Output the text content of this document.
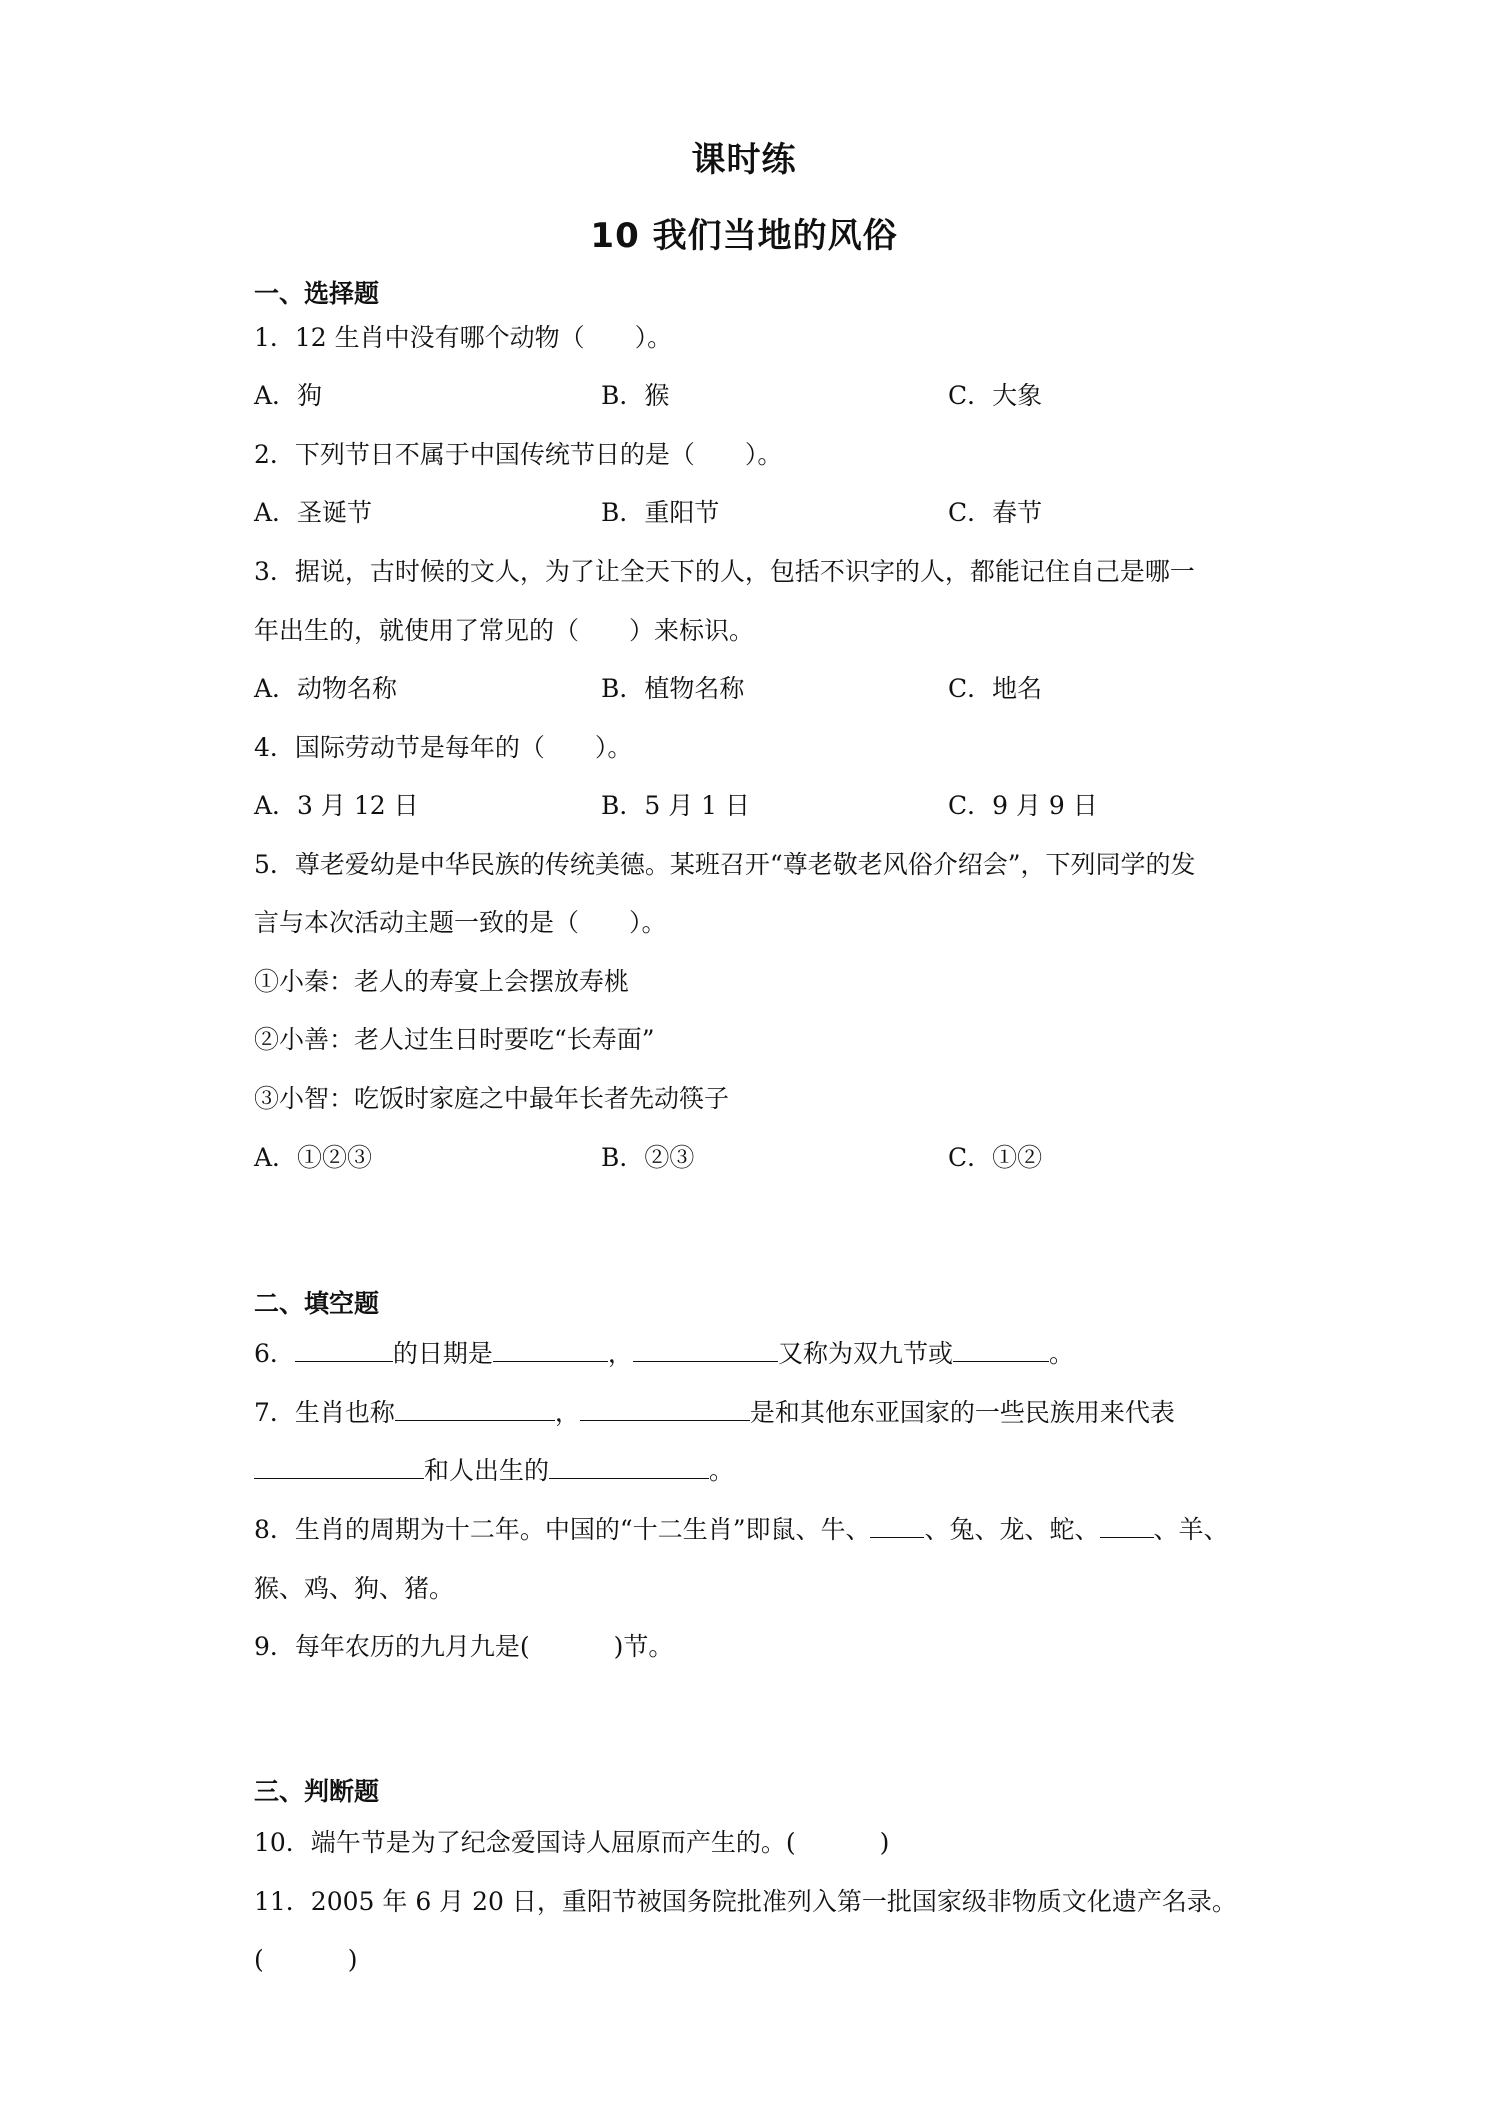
课时练
10 我们当地的风俗
一、选择题
1．12 生肖中没有哪个动物（　　）。
A．狗	B．猴	C．大象
2．下列节日不属于中国传统节日的是（　　）。
A．圣诞节	B．重阳节	C．春节
3．据说，古时候的文人，为了让全天下的人，包括不识字的人，都能记住自己是哪一
年出生的，就使用了常见的（　　）来标识。
A．动物名称	B．植物名称	C．地名
4．国际劳动节是每年的（　　）。
A．3 月 12 日	B．5 月 1 日	C．9 月 9 日
5．尊老爱幼是中华民族的传统美德。某班召开“尊老敬老风俗介绍会”，下列同学的发
言与本次活动主题一致的是（　　）。
①小秦：老人的寿宴上会摆放寿桃
②小善：老人过生日时要吃“长寿面”
③小智：吃饭时家庭之中最年长者先动筷子
A．①②③	B．②③	C．①②
二、填空题
6．	的日期是	，	又称为双九节或	。
7．生肖也称	，	是和其他东亚国家的一些民族用来代表
和人出生的	。
8．生肖的周期为十二年。中国的“十二生肖”即鼠、牛、 、兔、龙、蛇、 、羊、
猴、鸡、狗、猪。
9．每年农历的九月九是(	)节。
三、判断题
10．端午节是为了纪念爱国诗人屈原而产生的。(	)
11．2005 年 6 月 20 日，重阳节被国务院批准列入第一批国家级非物质文化遗产名录。
(	)
